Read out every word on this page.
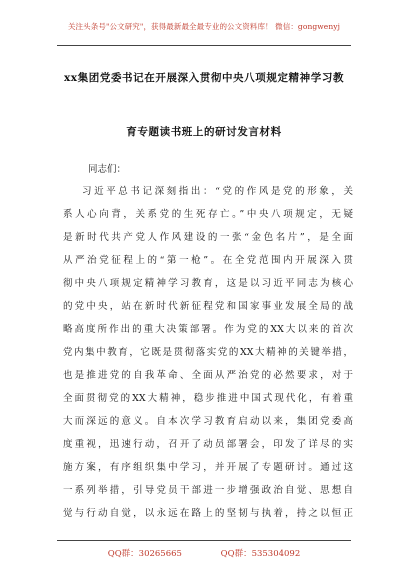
关注头条号"公文研究"，获得最新最全最专业的公文资料库！ 微信：gongwenyj
xx集团党委书记在开展深入贯彻中央八项规定精神学习教
育专题读书班上的研讨发言材料
同志们：
习近平总书记深刻指出：“党的作风是党的形象，关
系人心向背，关系党的生死存亡。”中央八项规定，无疑
是新时代共产党人作风建设的一张“金色名片”，是全面
从严治党征程上的“第一枪”。在全党范围内开展深入贯
彻中央八项规定精神学习教育，这是以习近平同志为核心
的党中央，站在新时代新征程党和国家事业发展全局的战
略高度所作出的重大决策部署。作为党的XX大以来的首次
党内集中教育，它既是贯彻落实党的XX大精神的关键举措，
也是推进党的自我革命、全面从严治党的必然要求，对于
全面贯彻党的XX大精神，稳步推进中国式现代化，有着重
大而深远的意义。自本次学习教育启动以来，集团党委高
度重视，迅速行动，召开了动员部署会，印发了详尽的实
施方案，有序组织集中学习，并开展了专题研讨。通过这
一系列举措，引导党员干部进一步增强政治自觉、思想自
觉与行动自觉，以永远在路上的坚韧与执着，持之以恒正
QQ群：30265665	QQ群：535304092
